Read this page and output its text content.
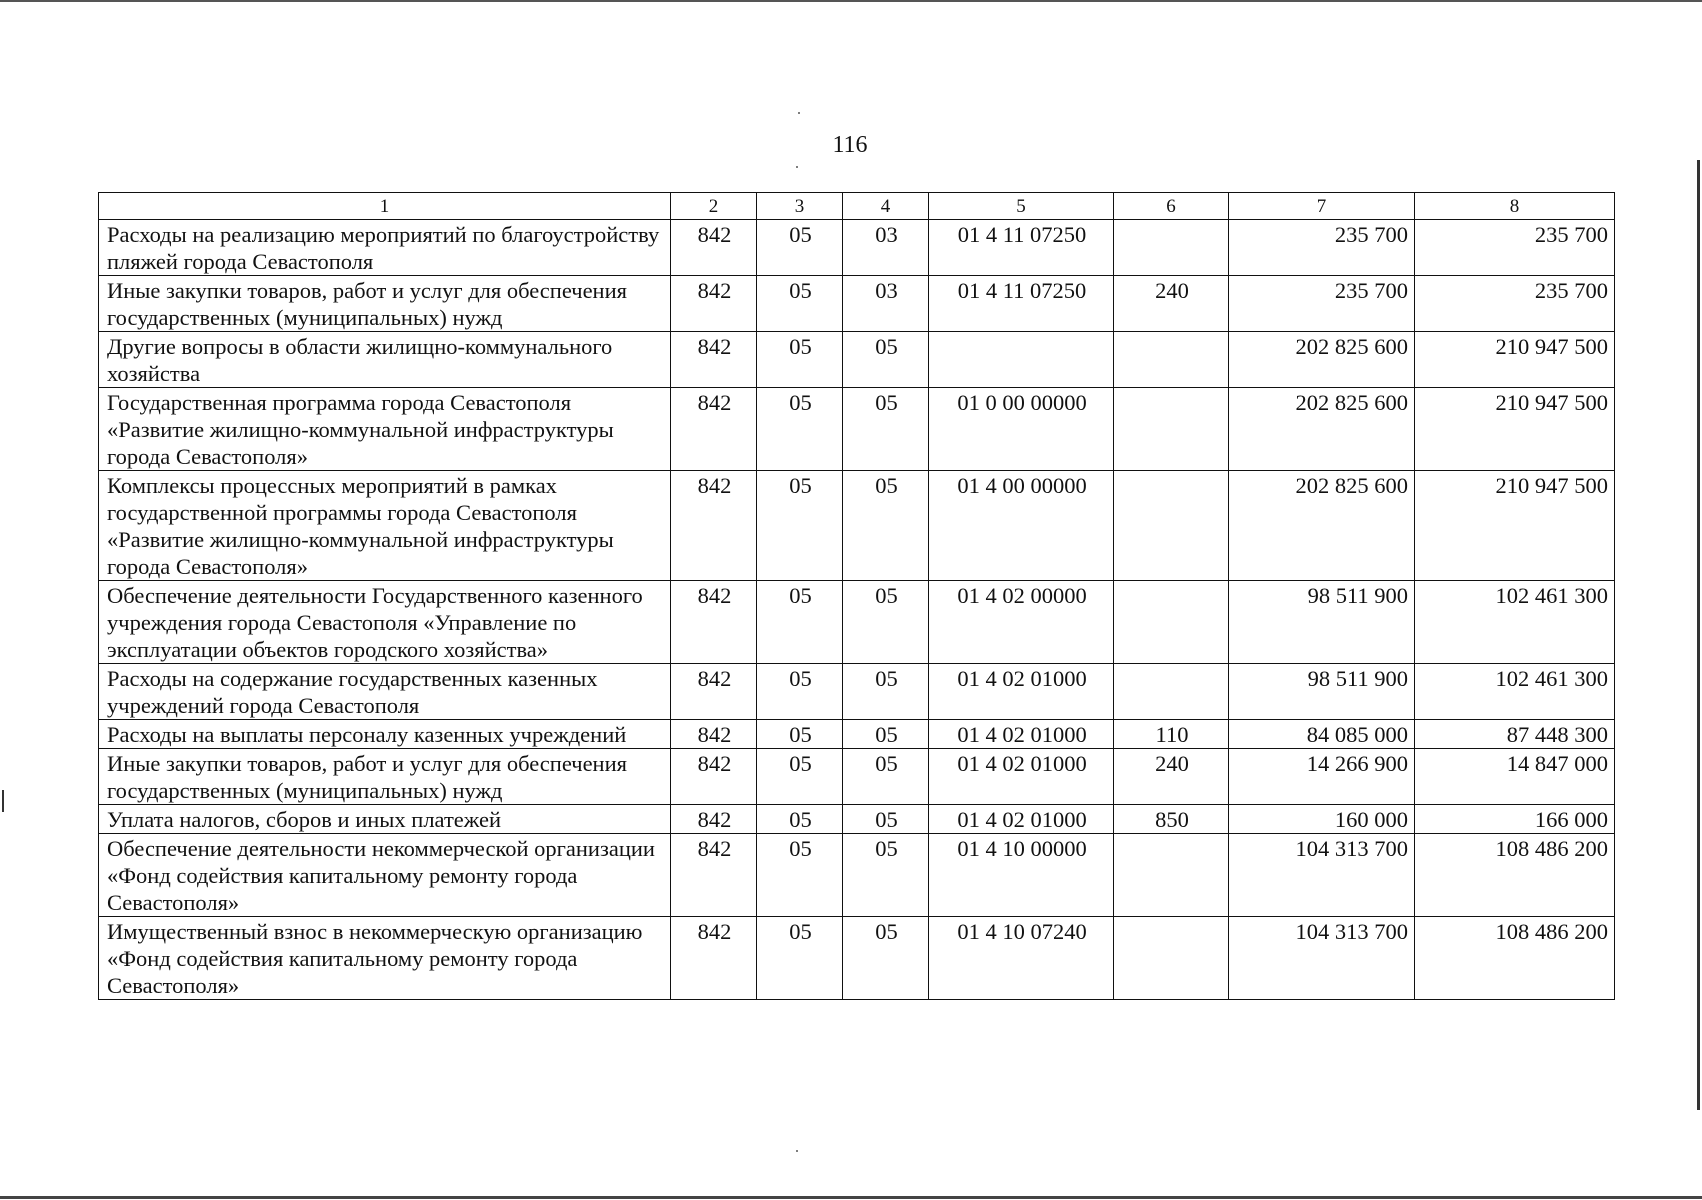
116
1	2	3	4	5	6	7	8
Расходы на реализацию мероприятий по благоустройству пляжей города Севастополя	842	05	03	01 4 11 07250		235 700	235 700
Иные закупки товаров, работ и услуг для обеспечения государственных (муниципальных) нужд	842	05	03	01 4 11 07250	240	235 700	235 700
Другие вопросы в области жилищно-коммунального хозяйства	842	05	05			202 825 600	210 947 500
Государственная программа города Севастополя «Развитие жилищно-коммунальной инфраструктуры города Севастополя»	842	05	05	01 0 00 00000		202 825 600	210 947 500
Комплексы процессных мероприятий в рамках государственной программы города Севастополя «Развитие жилищно-коммунальной инфраструктуры города Севастополя»	842	05	05	01 4 00 00000		202 825 600	210 947 500
Обеспечение деятельности Государственного казенного учреждения города Севастополя «Управление по эксплуатации объектов городского хозяйства»	842	05	05	01 4 02 00000		98 511 900	102 461 300
Расходы на содержание государственных казенных учреждений города Севастополя	842	05	05	01 4 02 01000		98 511 900	102 461 300
Расходы на выплаты персоналу казенных учреждений	842	05	05	01 4 02 01000	110	84 085 000	87 448 300
Иные закупки товаров, работ и услуг для обеспечения государственных (муниципальных) нужд	842	05	05	01 4 02 01000	240	14 266 900	14 847 000
Уплата налогов, сборов и иных платежей	842	05	05	01 4 02 01000	850	160 000	166 000
Обеспечение деятельности некоммерческой организации «Фонд содействия капитальному ремонту города Севастополя»	842	05	05	01 4 10 00000		104 313 700	108 486 200
Имущественный взнос в некоммерческую организацию «Фонд содействия капитальному ремонту города Севастополя»	842	05	05	01 4 10 07240		104 313 700	108 486 200
